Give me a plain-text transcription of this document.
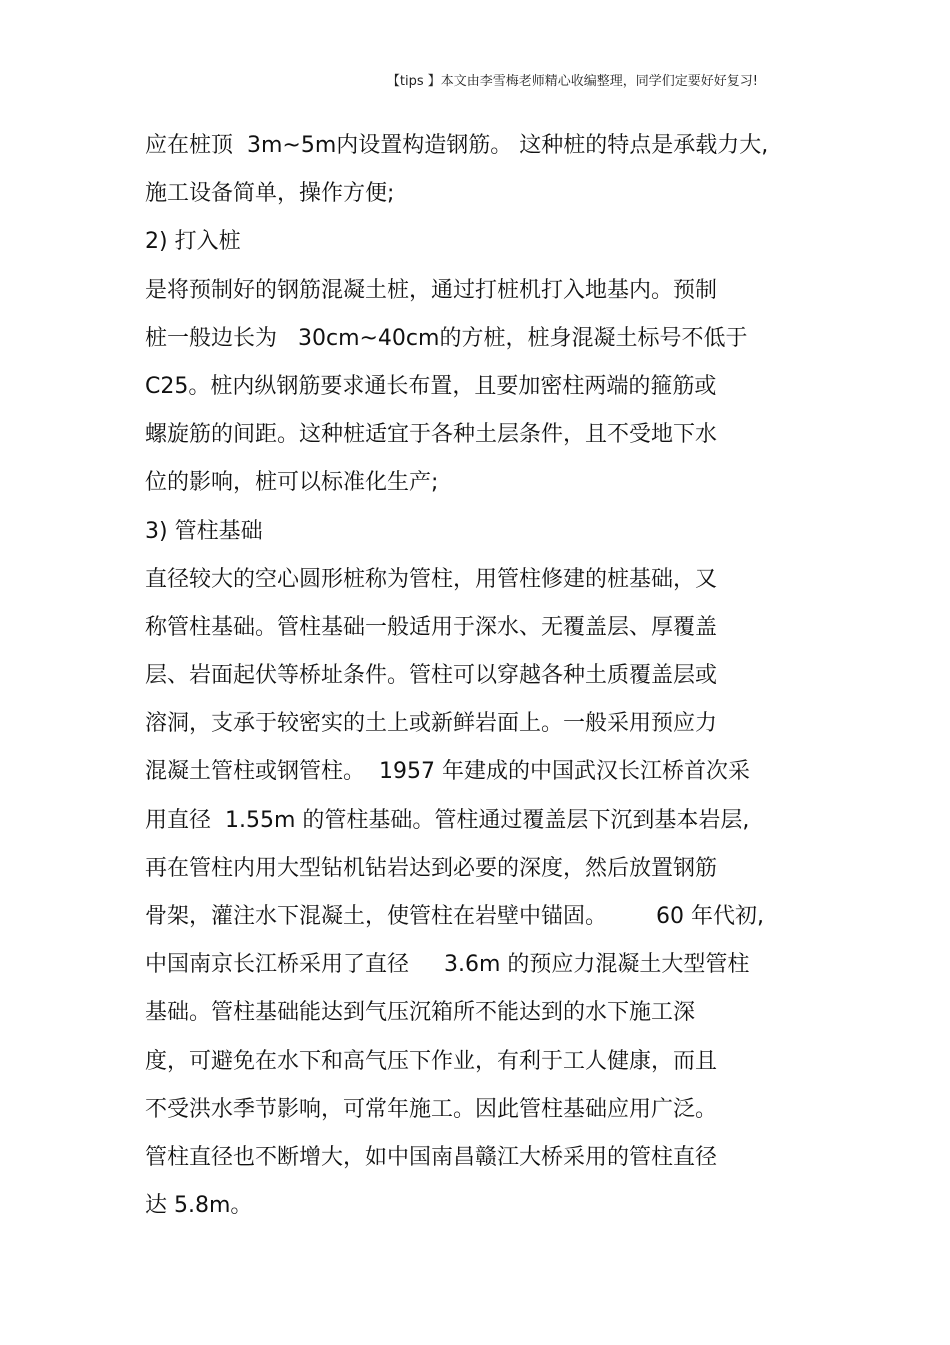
【tips 】本文由李雪梅老师精心收编整理，同学们定要好好复习!
应在桩顶  3m~5m内设置构造钢筋。 这种桩的特点是承载力大,
施工设备简单，操作方便;
2) 打入桩
是将预制好的钢筋混凝土桩，通过打桩机打入地基内。预制
桩一般边长为   30cm~40cm的方桩，桩身混凝土标号不低于
C25。桩内纵钢筋要求通长布置，且要加密柱两端的箍筋或
螺旋筋的间距。这种桩适宜于各种土层条件，且不受地下水
位的影响，桩可以标准化生产;
3) 管柱基础
直径较大的空心圆形桩称为管柱，用管柱修建的桩基础，又
称管柱基础。管柱基础一般适用于深水、无覆盖层、厚覆盖
层、岩面起伏等桥址条件。管柱可以穿越各种土质覆盖层或
溶洞，支承于较密实的土上或新鲜岩面上。一般采用预应力
混凝土管柱或钢管柱。  1957 年建成的中国武汉长江桥首次采
用直径  1.55m 的管柱基础。管柱通过覆盖层下沉到基本岩层,
再在管柱内用大型钻机钻岩达到必要的深度，然后放置钢筋
骨架，灌注水下混凝土，使管柱在岩壁中锚固。       60 年代初,
中国南京长江桥采用了直径     3.6m 的预应力混凝土大型管柱
基础。管柱基础能达到气压沉箱所不能达到的水下施工深
度，可避免在水下和高气压下作业，有利于工人健康，而且
不受洪水季节影响，可常年施工。因此管柱基础应用广泛。
管柱直径也不断增大，如中国南昌赣江大桥采用的管柱直径
达 5.8m。
